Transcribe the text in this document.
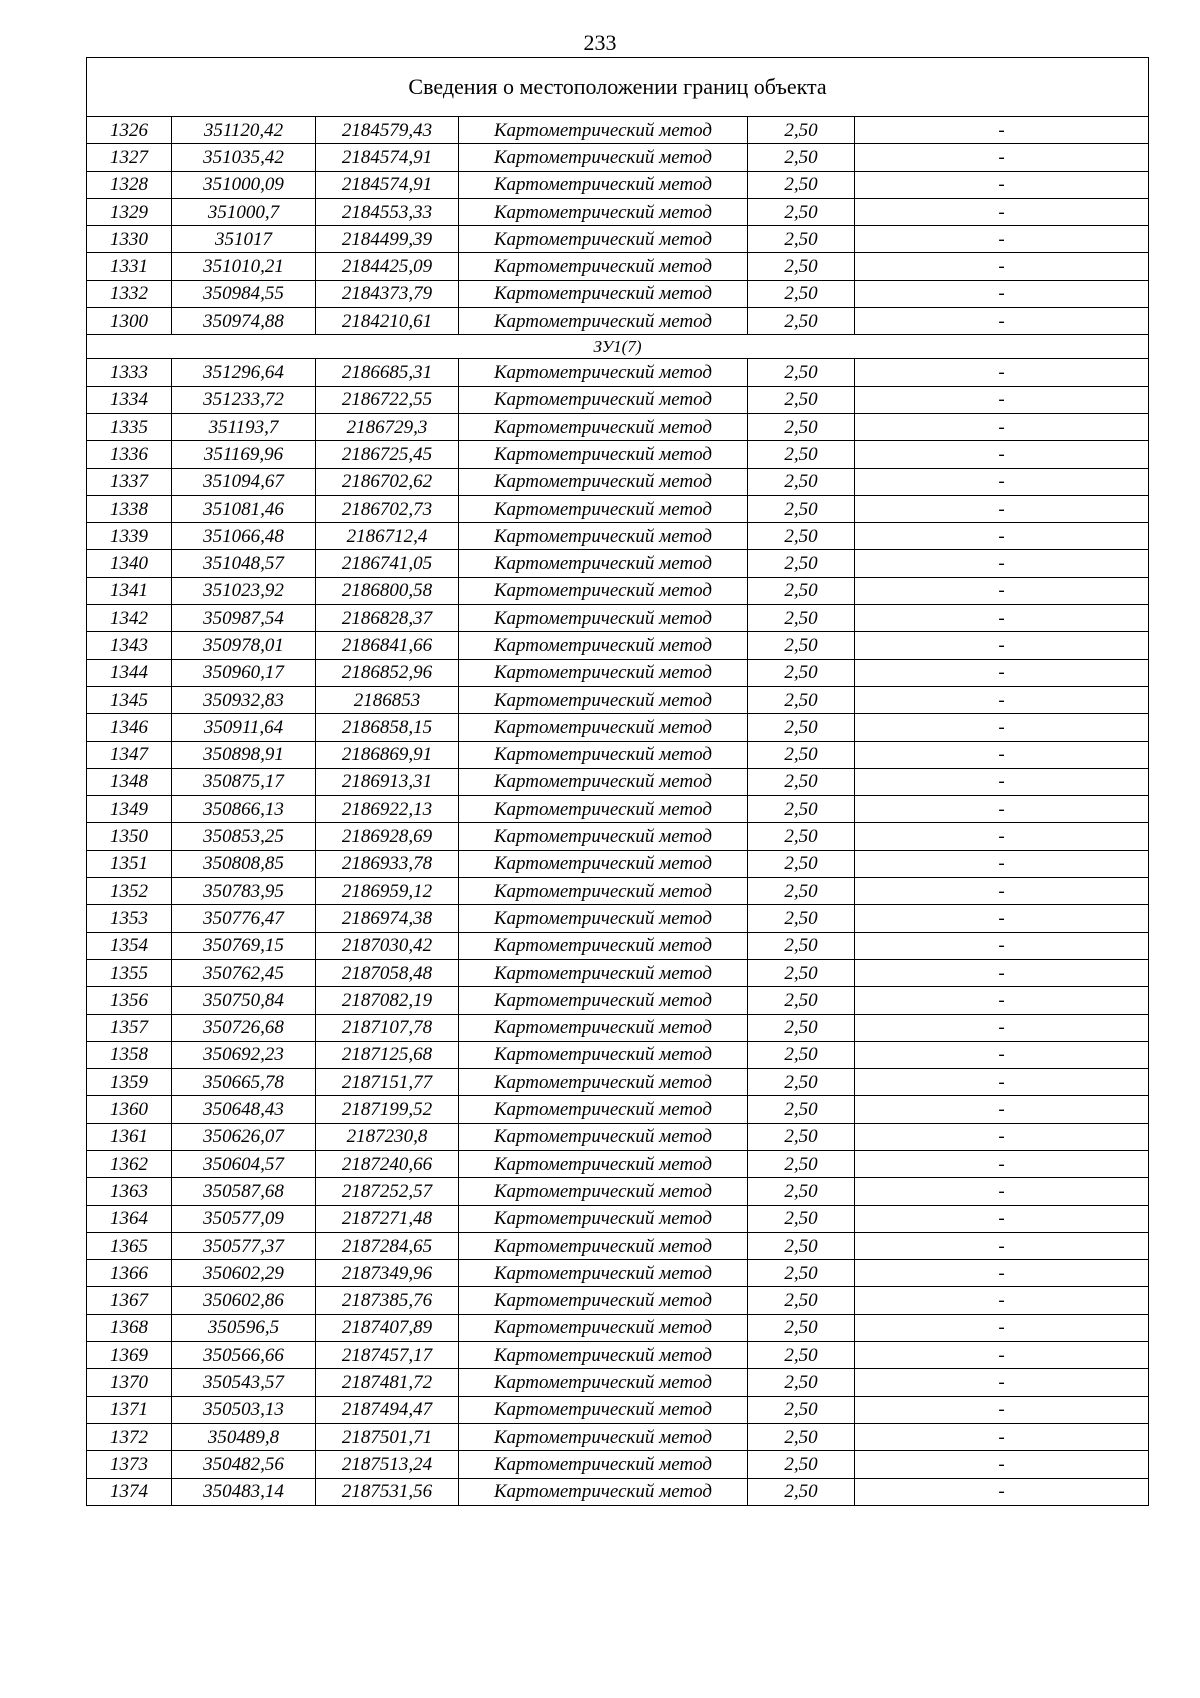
233
Сведения о местоположении границ объекта					
1326	351120,42	2184579,43	Картометрический метод	2,50	-
1327	351035,42	2184574,91	Картометрический метод	2,50	-
1328	351000,09	2184574,91	Картометрический метод	2,50	-
1329	351000,7	2184553,33	Картометрический метод	2,50	-
1330	351017	2184499,39	Картометрический метод	2,50	-
1331	351010,21	2184425,09	Картометрический метод	2,50	-
1332	350984,55	2184373,79	Картометрический метод	2,50	-
1300	350974,88	2184210,61	Картометрический метод	2,50	-
ЗУ1(7)					
1333	351296,64	2186685,31	Картометрический метод	2,50	-
1334	351233,72	2186722,55	Картометрический метод	2,50	-
1335	351193,7	2186729,3	Картометрический метод	2,50	-
1336	351169,96	2186725,45	Картометрический метод	2,50	-
1337	351094,67	2186702,62	Картометрический метод	2,50	-
1338	351081,46	2186702,73	Картометрический метод	2,50	-
1339	351066,48	2186712,4	Картометрический метод	2,50	-
1340	351048,57	2186741,05	Картометрический метод	2,50	-
1341	351023,92	2186800,58	Картометрический метод	2,50	-
1342	350987,54	2186828,37	Картометрический метод	2,50	-
1343	350978,01	2186841,66	Картометрический метод	2,50	-
1344	350960,17	2186852,96	Картометрический метод	2,50	-
1345	350932,83	2186853	Картометрический метод	2,50	-
1346	350911,64	2186858,15	Картометрический метод	2,50	-
1347	350898,91	2186869,91	Картометрический метод	2,50	-
1348	350875,17	2186913,31	Картометрический метод	2,50	-
1349	350866,13	2186922,13	Картометрический метод	2,50	-
1350	350853,25	2186928,69	Картометрический метод	2,50	-
1351	350808,85	2186933,78	Картометрический метод	2,50	-
1352	350783,95	2186959,12	Картометрический метод	2,50	-
1353	350776,47	2186974,38	Картометрический метод	2,50	-
1354	350769,15	2187030,42	Картометрический метод	2,50	-
1355	350762,45	2187058,48	Картометрический метод	2,50	-
1356	350750,84	2187082,19	Картометрический метод	2,50	-
1357	350726,68	2187107,78	Картометрический метод	2,50	-
1358	350692,23	2187125,68	Картометрический метод	2,50	-
1359	350665,78	2187151,77	Картометрический метод	2,50	-
1360	350648,43	2187199,52	Картометрический метод	2,50	-
1361	350626,07	2187230,8	Картометрический метод	2,50	-
1362	350604,57	2187240,66	Картометрический метод	2,50	-
1363	350587,68	2187252,57	Картометрический метод	2,50	-
1364	350577,09	2187271,48	Картометрический метод	2,50	-
1365	350577,37	2187284,65	Картометрический метод	2,50	-
1366	350602,29	2187349,96	Картометрический метод	2,50	-
1367	350602,86	2187385,76	Картометрический метод	2,50	-
1368	350596,5	2187407,89	Картометрический метод	2,50	-
1369	350566,66	2187457,17	Картометрический метод	2,50	-
1370	350543,57	2187481,72	Картометрический метод	2,50	-
1371	350503,13	2187494,47	Картометрический метод	2,50	-
1372	350489,8	2187501,71	Картометрический метод	2,50	-
1373	350482,56	2187513,24	Картометрический метод	2,50	-
1374	350483,14	2187531,56	Картометрический метод	2,50	-
